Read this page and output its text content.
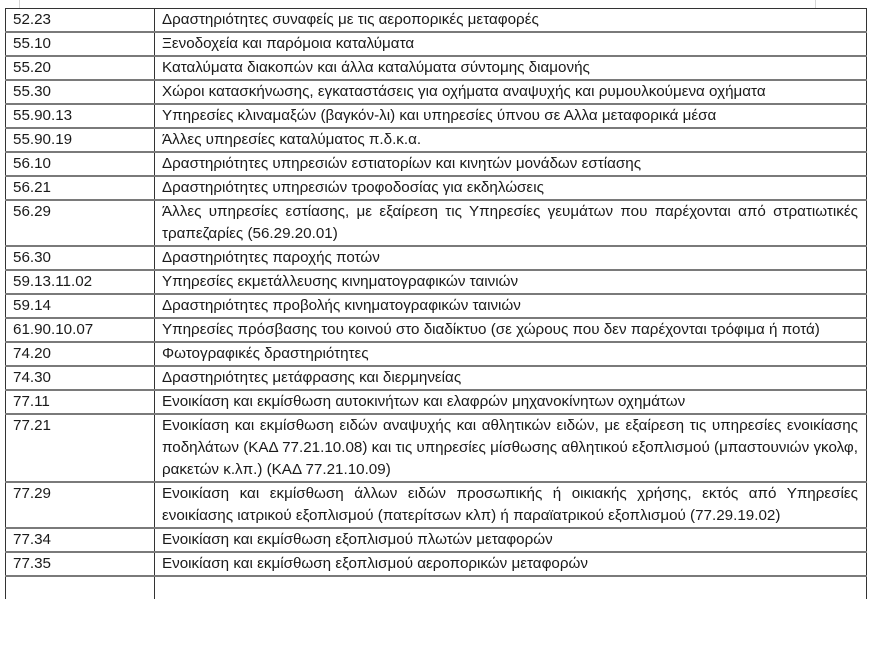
52.23	Δραστηριότητες συναφείς με τις αεροπορικές μεταφορές
55.10	Ξενοδοχεία και παρόμοια καταλύματα
55.20	Καταλύματα διακοπών και άλλα καταλύματα σύντομης διαμονής
55.30	Χώροι κατασκήνωσης, εγκαταστάσεις για οχήματα αναψυχής και ρυμουλκούμενα οχήματα
55.90.13	Υπηρεσίες κλιναμαξών (βαγκόν-λι) και υπηρεσίες ύπνου σε Αλλα μεταφορικά μέσα
55.90.19	Άλλες υπηρεσίες καταλύματος π.δ.κ.α.
56.10	Δραστηριότητες υπηρεσιών εστιατορίων και κινητών μονάδων εστίασης
56.21	Δραστηριότητες υπηρεσιών τροφοδοσίας για εκδηλώσεις
56.29	Άλλες υπηρεσίες εστίασης, με εξαίρεση τις Υπηρεσίες γευμάτων που παρέχονται από στρατιωτικές τραπεζαρίες (56.29.20.01)
56.30	Δραστηριότητες παροχής ποτών
59.13.11.02	Υπηρεσίες εκμετάλλευσης κινηματογραφικών ταινιών
59.14	Δραστηριότητες προβολής κινηματογραφικών ταινιών
61.90.10.07	Υπηρεσίες πρόσβασης του κοινού στο διαδίκτυο (σε χώρους που δεν παρέχονται τρόφιμα ή ποτά)
74.20	Φωτογραφικές δραστηριότητες
74.30	Δραστηριότητες μετάφρασης και διερμηνείας
77.11	Ενοικίαση και εκμίσθωση αυτοκινήτων και ελαφρών μηχανοκίνητων οχημάτων
77.21	Ενοικίαση και εκμίσθωση ειδών αναψυχής και αθλητικών ειδών, με εξαίρεση τις υπηρεσίες ενοικίασης ποδηλάτων (ΚΑΔ 77.21.10.08) και τις υπηρεσίες μίσθωσης αθλητικού εξοπλισμού (μπαστουνιών γκολφ, ρακετών κ.λπ.) (ΚΑΔ 77.21.10.09)
77.29	Ενοικίαση και εκμίσθωση άλλων ειδών προσωπικής ή οικιακής χρήσης, εκτός από Υπηρεσίες ενοικίασης ιατρικού εξοπλισμού (πατερίτσων κλπ) ή παραϊατρικού εξοπλισμού (77.29.19.02)
77.34	Ενοικίαση και εκμίσθωση εξοπλισμού πλωτών μεταφορών
77.35	Ενοικίαση και εκμίσθωση εξοπλισμού αεροπορικών μεταφορών
